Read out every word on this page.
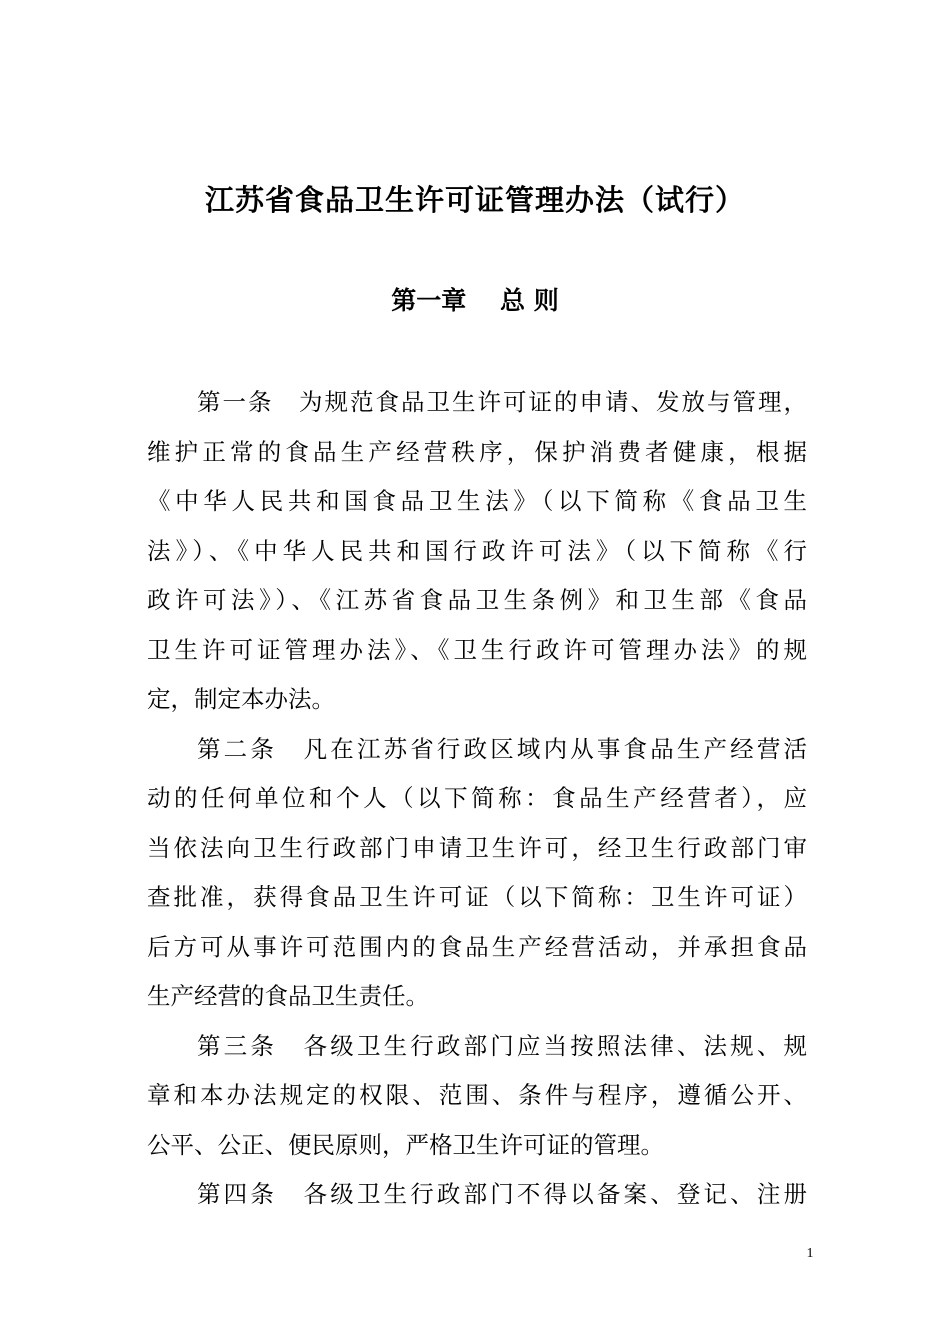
江苏省食品卫生许可证管理办法（试行）
第一章　 总 则
第一条　为规范食品卫生许可证的申请、发放与管理，
维护正常的食品生产经营秩序，保护消费者健康，根据
《中华人民共和国食品卫生法》（以下简称《食品卫生
法》）、《中华人民共和国行政许可法》（以下简称《行
政许可法》）、《江苏省食品卫生条例》和卫生部《食品
卫生许可证管理办法》、《卫生行政许可管理办法》的规
定，制定本办法。
第二条　凡在江苏省行政区域内从事食品生产经营活
动的任何单位和个人（以下简称：食品生产经营者），应
当依法向卫生行政部门申请卫生许可，经卫生行政部门审
查批准，获得食品卫生许可证（以下简称：卫生许可证）
后方可从事许可范围内的食品生产经营活动，并承担食品
生产经营的食品卫生责任。
第三条　各级卫生行政部门应当按照法律、法规、规
章和本办法规定的权限、范围、条件与程序，遵循公开、
公平、公正、便民原则，严格卫生许可证的管理。
第四条　各级卫生行政部门不得以备案、登记、注册
1
